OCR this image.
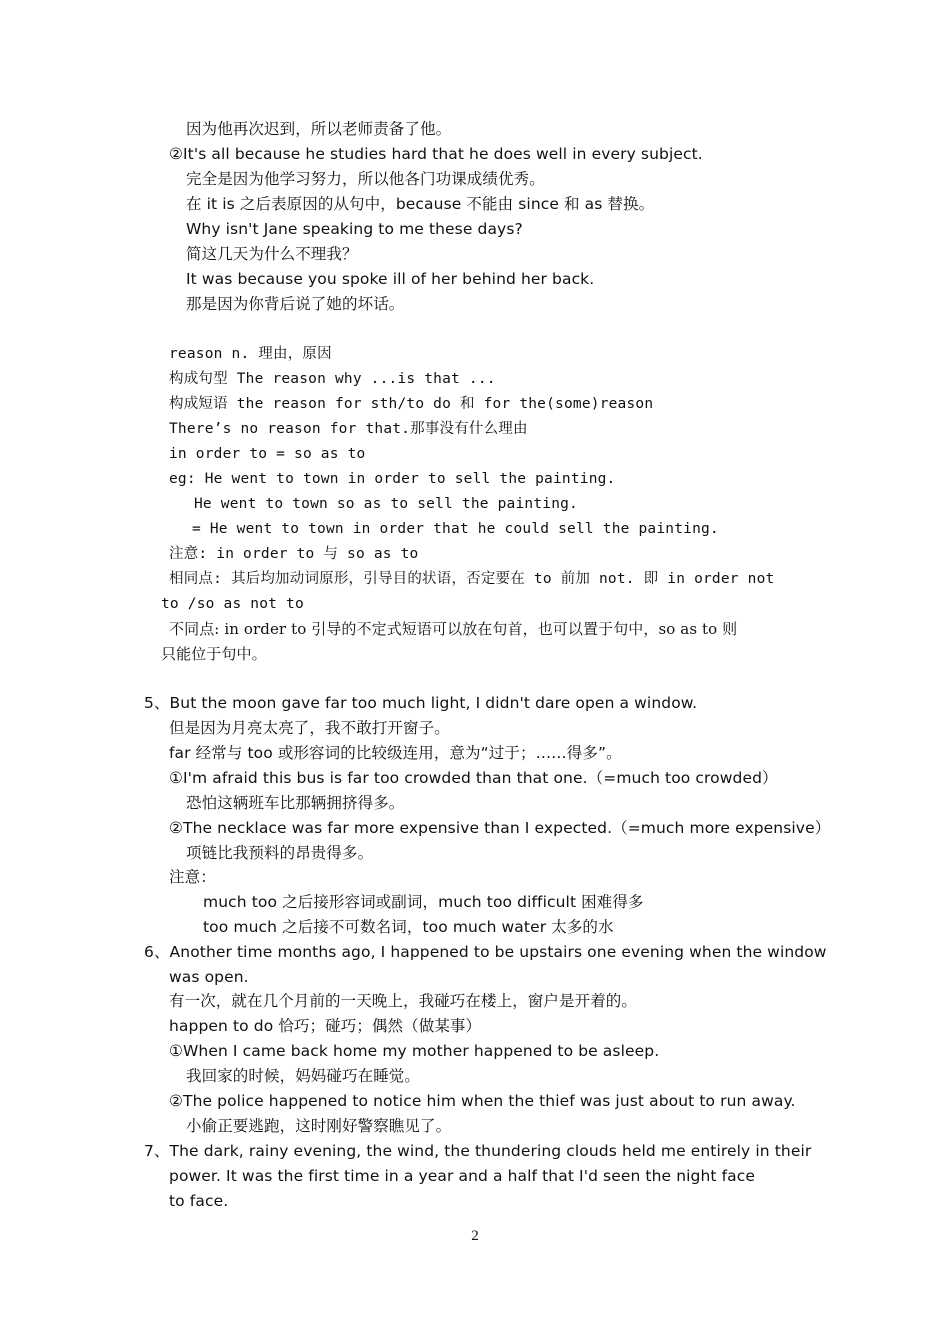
因为他再次迟到，所以老师责备了他。
②It's all because he studies hard that he does well in every subject.
完全是因为他学习努力，所以他各门功课成绩优秀。
在 it is 之后表原因的从句中，because 不能由 since 和 as 替换。
Why isn't Jane speaking to me these days?
简这几天为什么不理我？
It was because you spoke ill of her behind her back.
那是因为你背后说了她的坏话。
reason n. 理由，原因
构成句型 The reason why ...is that ...
构成短语 the reason for sth/to do 和 for the(some)reason
There’s no reason for that.那事没有什么理由
in order to = so as to
eg: He went to town in order to sell the painting.
He went to town so as to sell the painting.
= He went to town in order that he could sell the painting.
注意: in order to 与 so as to
相同点: 其后均加动词原形，引导目的状语，否定要在 to 前加 not. 即 in order not
to /so as not to
不同点: in order to 引导的不定式短语可以放在句首，也可以置于句中，so as to 则
只能位于句中。
5、But the moon gave far too much light, I didn't dare open a window.
但是因为月亮太亮了，我不敢打开窗子。
far 经常与 too 或形容词的比较级连用，意为“过于；……得多”。
①I'm afraid this bus is far too crowded than that one.（=much too crowded）
恐怕这辆班车比那辆拥挤得多。
②The necklace was far more expensive than I expected.（=much more expensive）
项链比我预料的昂贵得多。
注意：
much too 之后接形容词或副词，much too difficult 困难得多
too much 之后接不可数名词，too much water 太多的水
6、Another time months ago, I happened to be upstairs one evening when the window
was open.
有一次，就在几个月前的一天晚上，我碰巧在楼上，窗户是开着的。
happen to do 恰巧；碰巧；偶然（做某事）
①When I came back home my mother happened to be asleep.
我回家的时候，妈妈碰巧在睡觉。
②The police happened to notice him when the thief was just about to run away.
小偷正要逃跑，这时刚好警察瞧见了。
7、The dark, rainy evening, the wind, the thundering clouds held me entirely in their
power. It was the first time in a year and a half that I'd seen the night face
to face.
2
